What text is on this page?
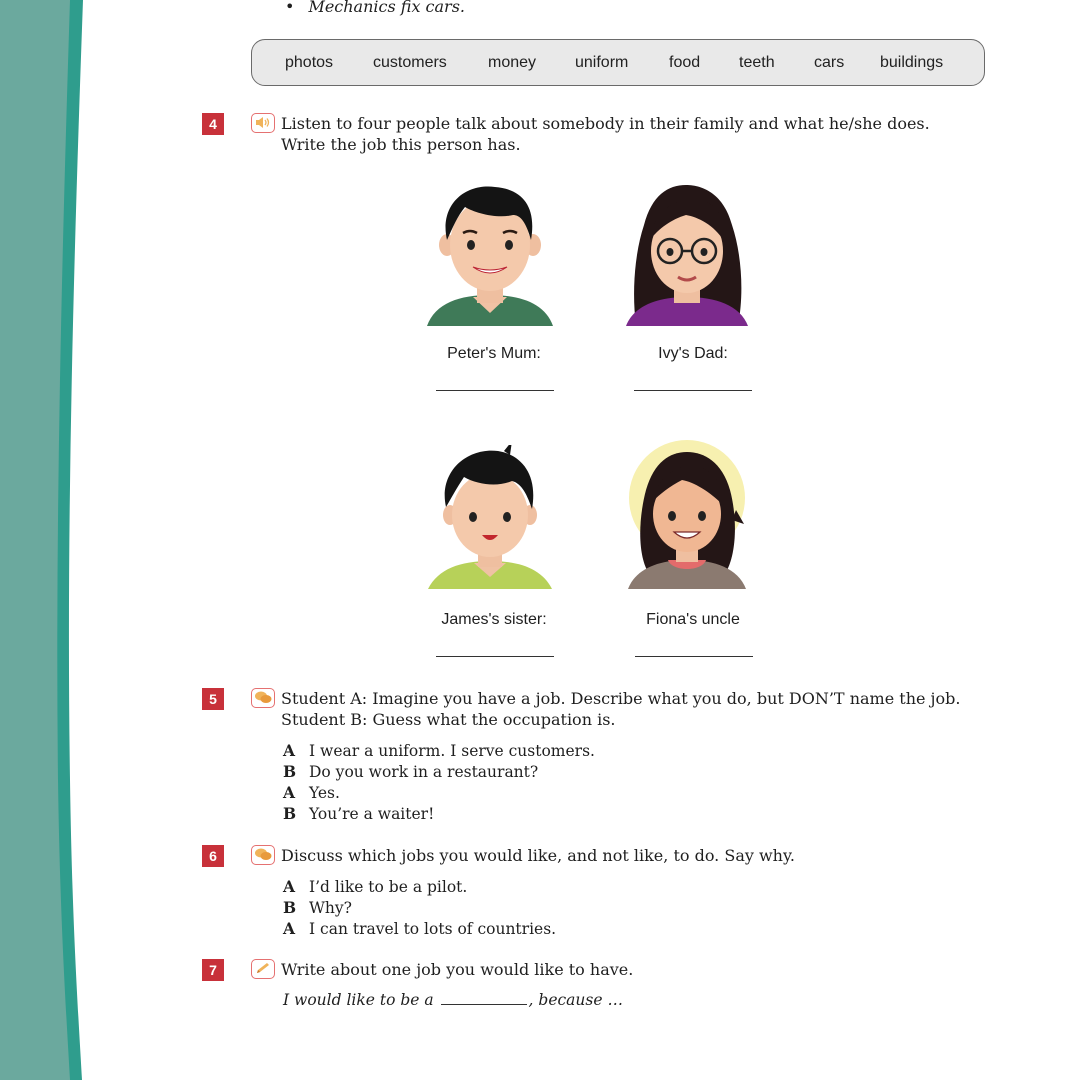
• Mechanics fix cars.
photos customers	money uniform	food teeth cars buildings
4	Listen to four people talk about somebody in their family and what he/she does.
Write the job this person has.
Peter's Mum:	Ivy's Dad:
James's sister:	Fiona's uncle
5	Student A: Imagine you have a job. Describe what you do, but DON’T name the job.
Student B: Guess what the occupation is.
A I wear a uniform. I serve customers.
B Do you work in a restaurant?
A Yes.
B You’re a waiter!
6	Discuss which jobs you would like, and not like, to do. Say why.
A I’d like to be a pilot.
B Why?
A I can travel to lots of countries.
7	Write about one job you would like to have.
I would like to be a	, because …
